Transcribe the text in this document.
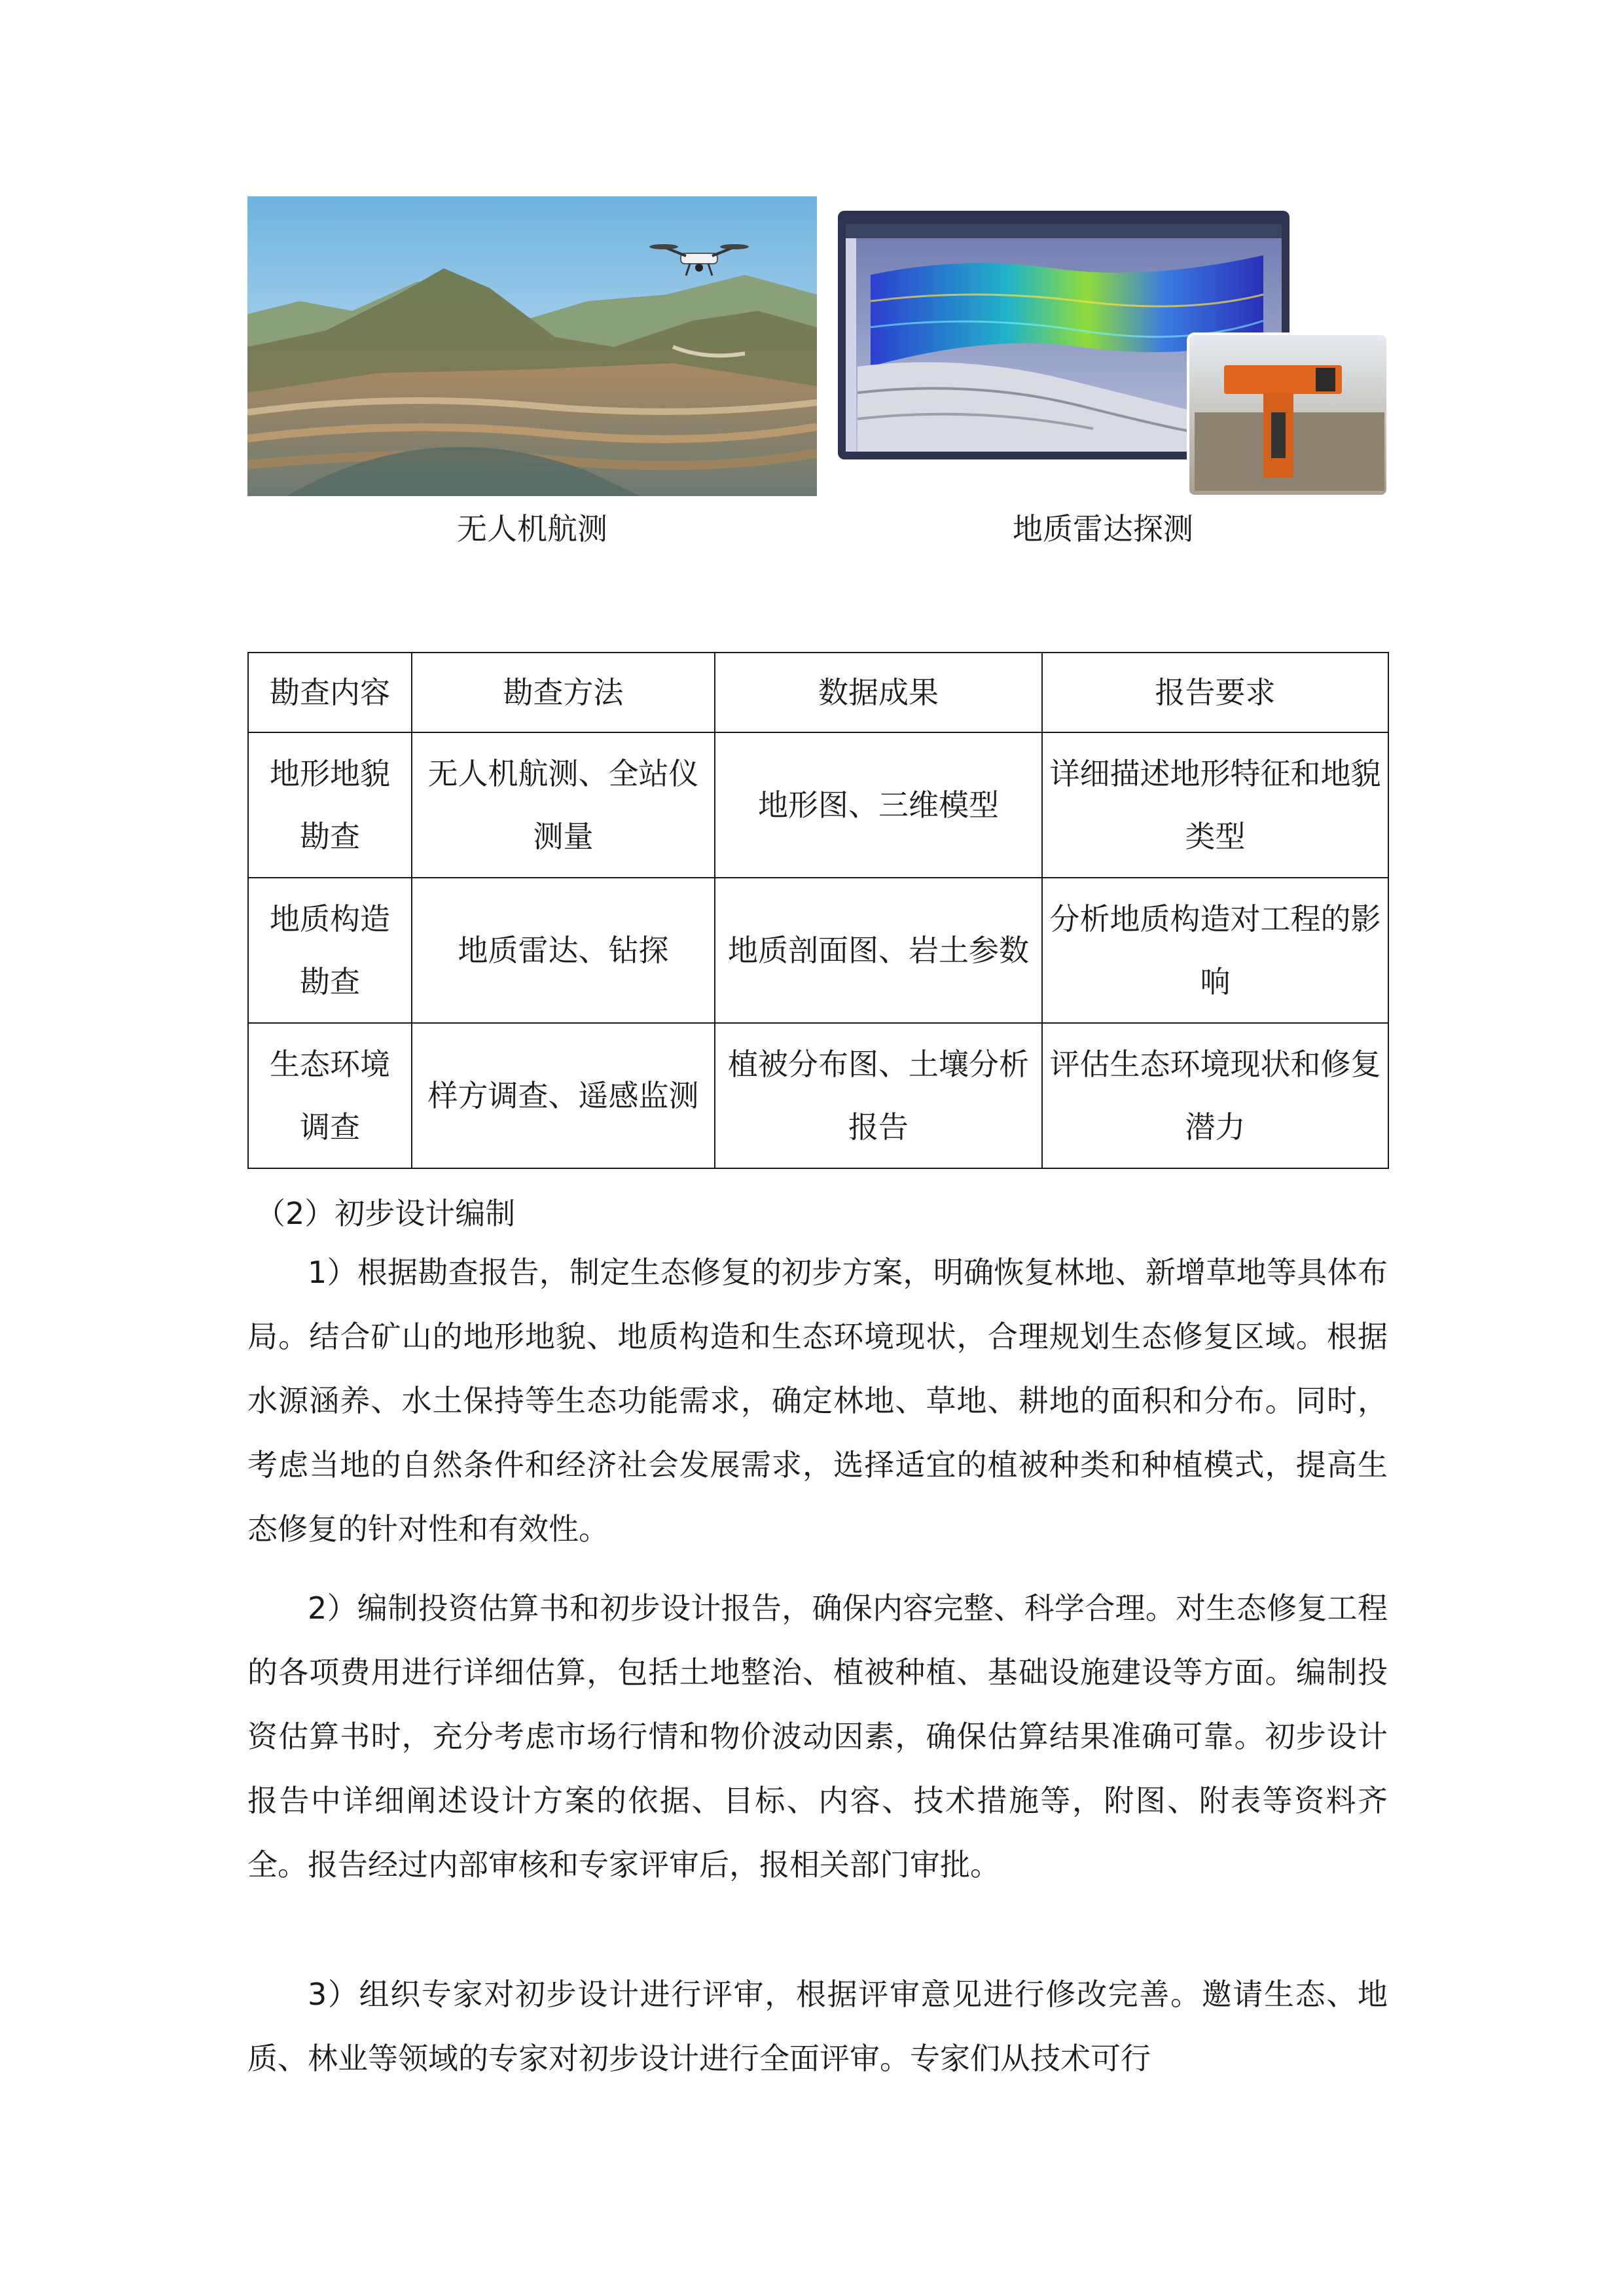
无人机航测	地质雷达探测
勘查内容	勘查方法	数据成果	报告要求
地形地貌勘查	无人机航测、全站仪测量	地形图、三维模型	详细描述地形特征和地貌类型
地质构造勘查	地质雷达、钻探	地质剖面图、岩土参数	分析地质构造对工程的影响
生态环境调查	样方调查、遥感监测	植被分布图、土壤分析报告	评估生态环境现状和修复潜力
（2）初步设计编制

1）根据勘查报告，制定生态修复的初步方案，明确恢复林地、新增草地等具体布局。结合矿山的地形地貌、地质构造和生态环境现状，合理规划生态修复区域。根据水源涵养、水土保持等生态功能需求，确定林地、草地、耕地的面积和分布。同时，考虑当地的自然条件和经济社会发展需求，选择适宜的植被种类和种植模式，提高生态修复的针对性和有效性。

2）编制投资估算书和初步设计报告，确保内容完整、科学合理。对生态修复工程的各项费用进行详细估算，包括土地整治、植被种植、基础设施建设等方面。编制投资估算书时，充分考虑市场行情和物价波动因素，确保估算结果准确可靠。初步设计报告中详细阐述设计方案的依据、目标、内容、技术措施等，附图、附表等资料齐全。报告经过内部审核和专家评审后，报相关部门审批。

3）组织专家对初步设计进行评审，根据评审意见进行修改完善。邀请生态、地质、林业等领域的专家对初步设计进行全面评审。专家们从技术可行
